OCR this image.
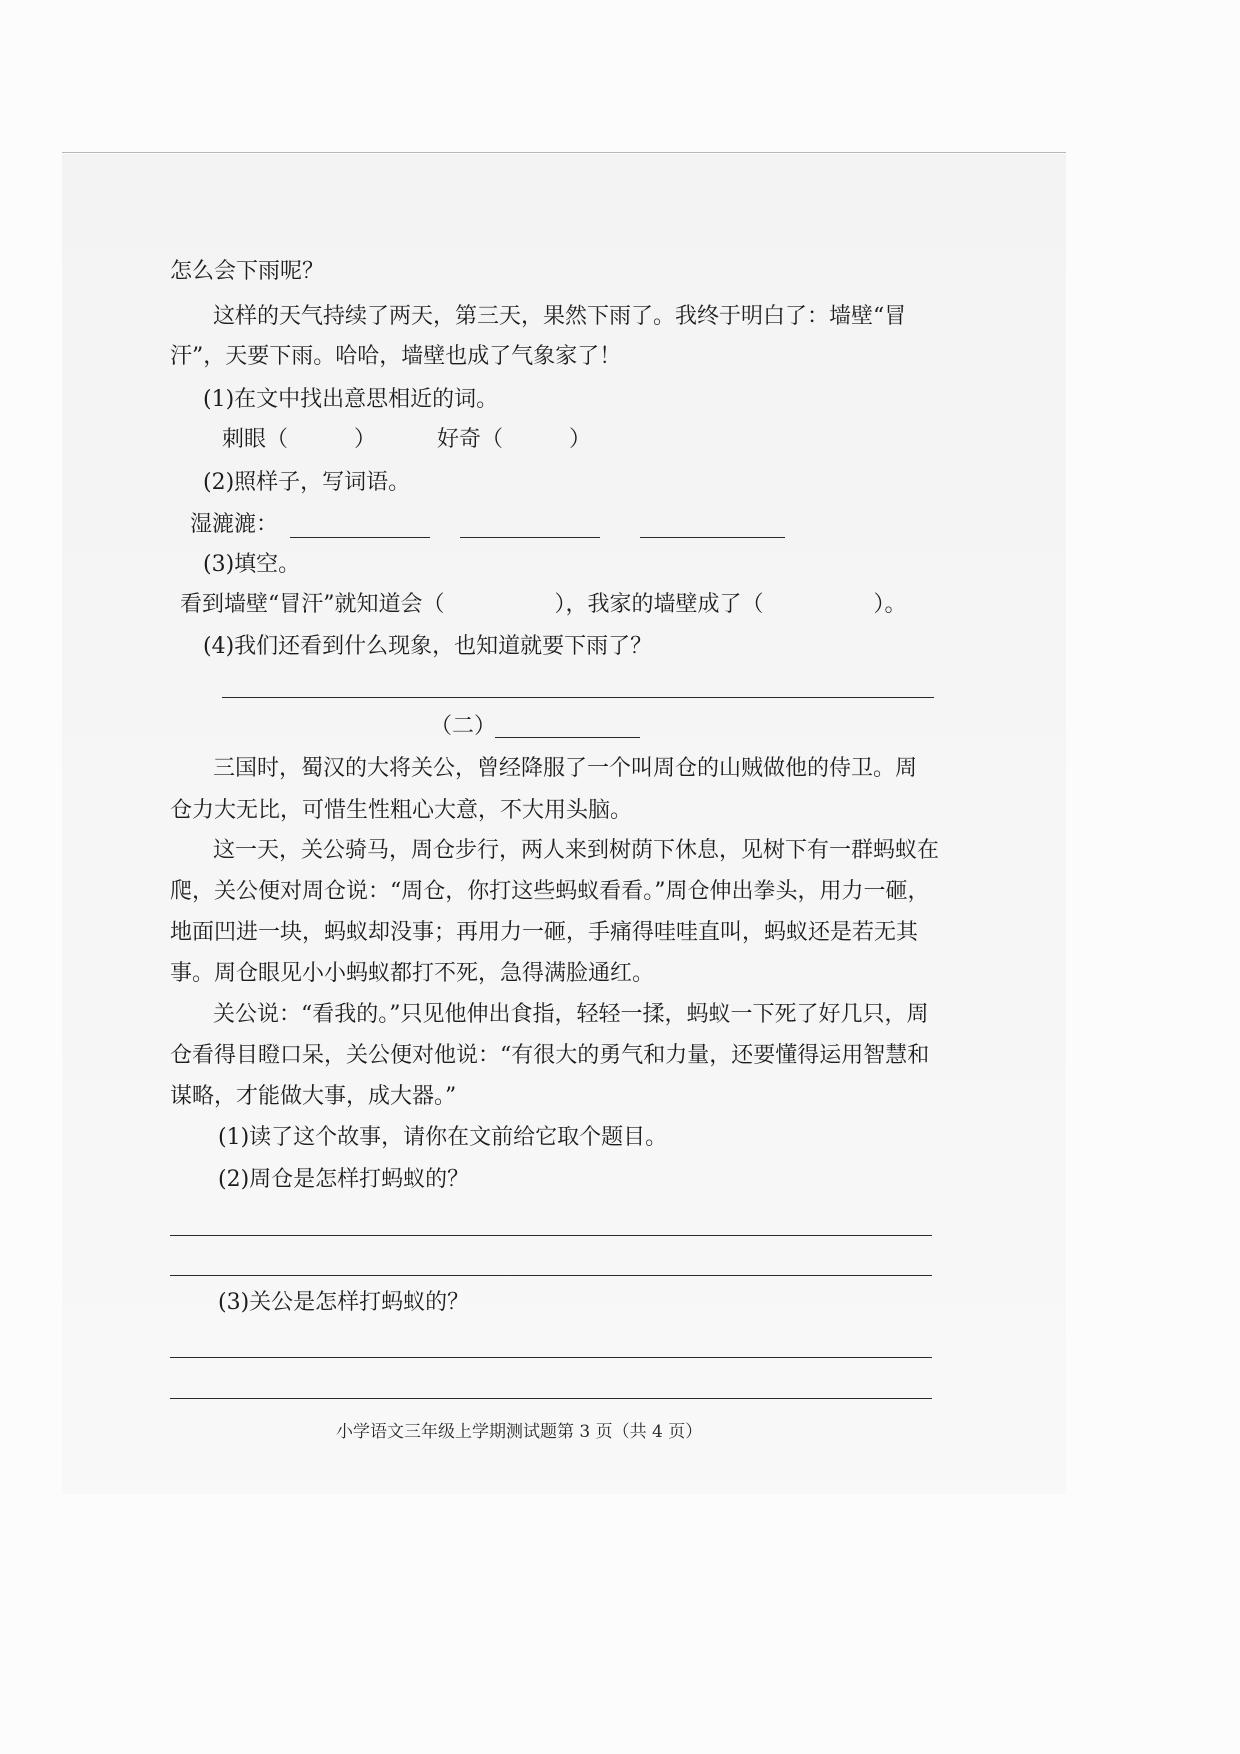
怎么会下雨呢？
这样的天气持续了两天，第三天，果然下雨了。我终于明白了：墙壁“冒
汗”，天要下雨。哈哈，墙壁也成了气象家了！
(1)在文中找出意思相近的词。
刺眼（　　　）	好奇（　　　）
(2)照样子，写词语。
湿漉漉：
(3)填空。
看到墙壁“冒汗”就知道会（　　　　　），我家的墙壁成了（　　　　　）。
(4)我们还看到什么现象，也知道就要下雨了？
（二）
三国时，蜀汉的大将关公，曾经降服了一个叫周仓的山贼做他的侍卫。周
仓力大无比，可惜生性粗心大意，不大用头脑。
这一天，关公骑马，周仓步行，两人来到树荫下休息，见树下有一群蚂蚁在
爬，关公便对周仓说：“周仓，你打这些蚂蚁看看。”周仓伸出拳头，用力一砸，
地面凹进一块，蚂蚁却没事；再用力一砸，手痛得哇哇直叫，蚂蚁还是若无其
事。周仓眼见小小蚂蚁都打不死，急得满脸通红。
关公说：“看我的。”只见他伸出食指，轻轻一揉，蚂蚁一下死了好几只，周
仓看得目瞪口呆，关公便对他说：“有很大的勇气和力量，还要懂得运用智慧和
谋略，才能做大事，成大器。”
(1)读了这个故事，请你在文前给它取个题目。
(2)周仓是怎样打蚂蚁的？
(3)关公是怎样打蚂蚁的？
小学语文三年级上学期测试题第 3 页（共 4 页）
